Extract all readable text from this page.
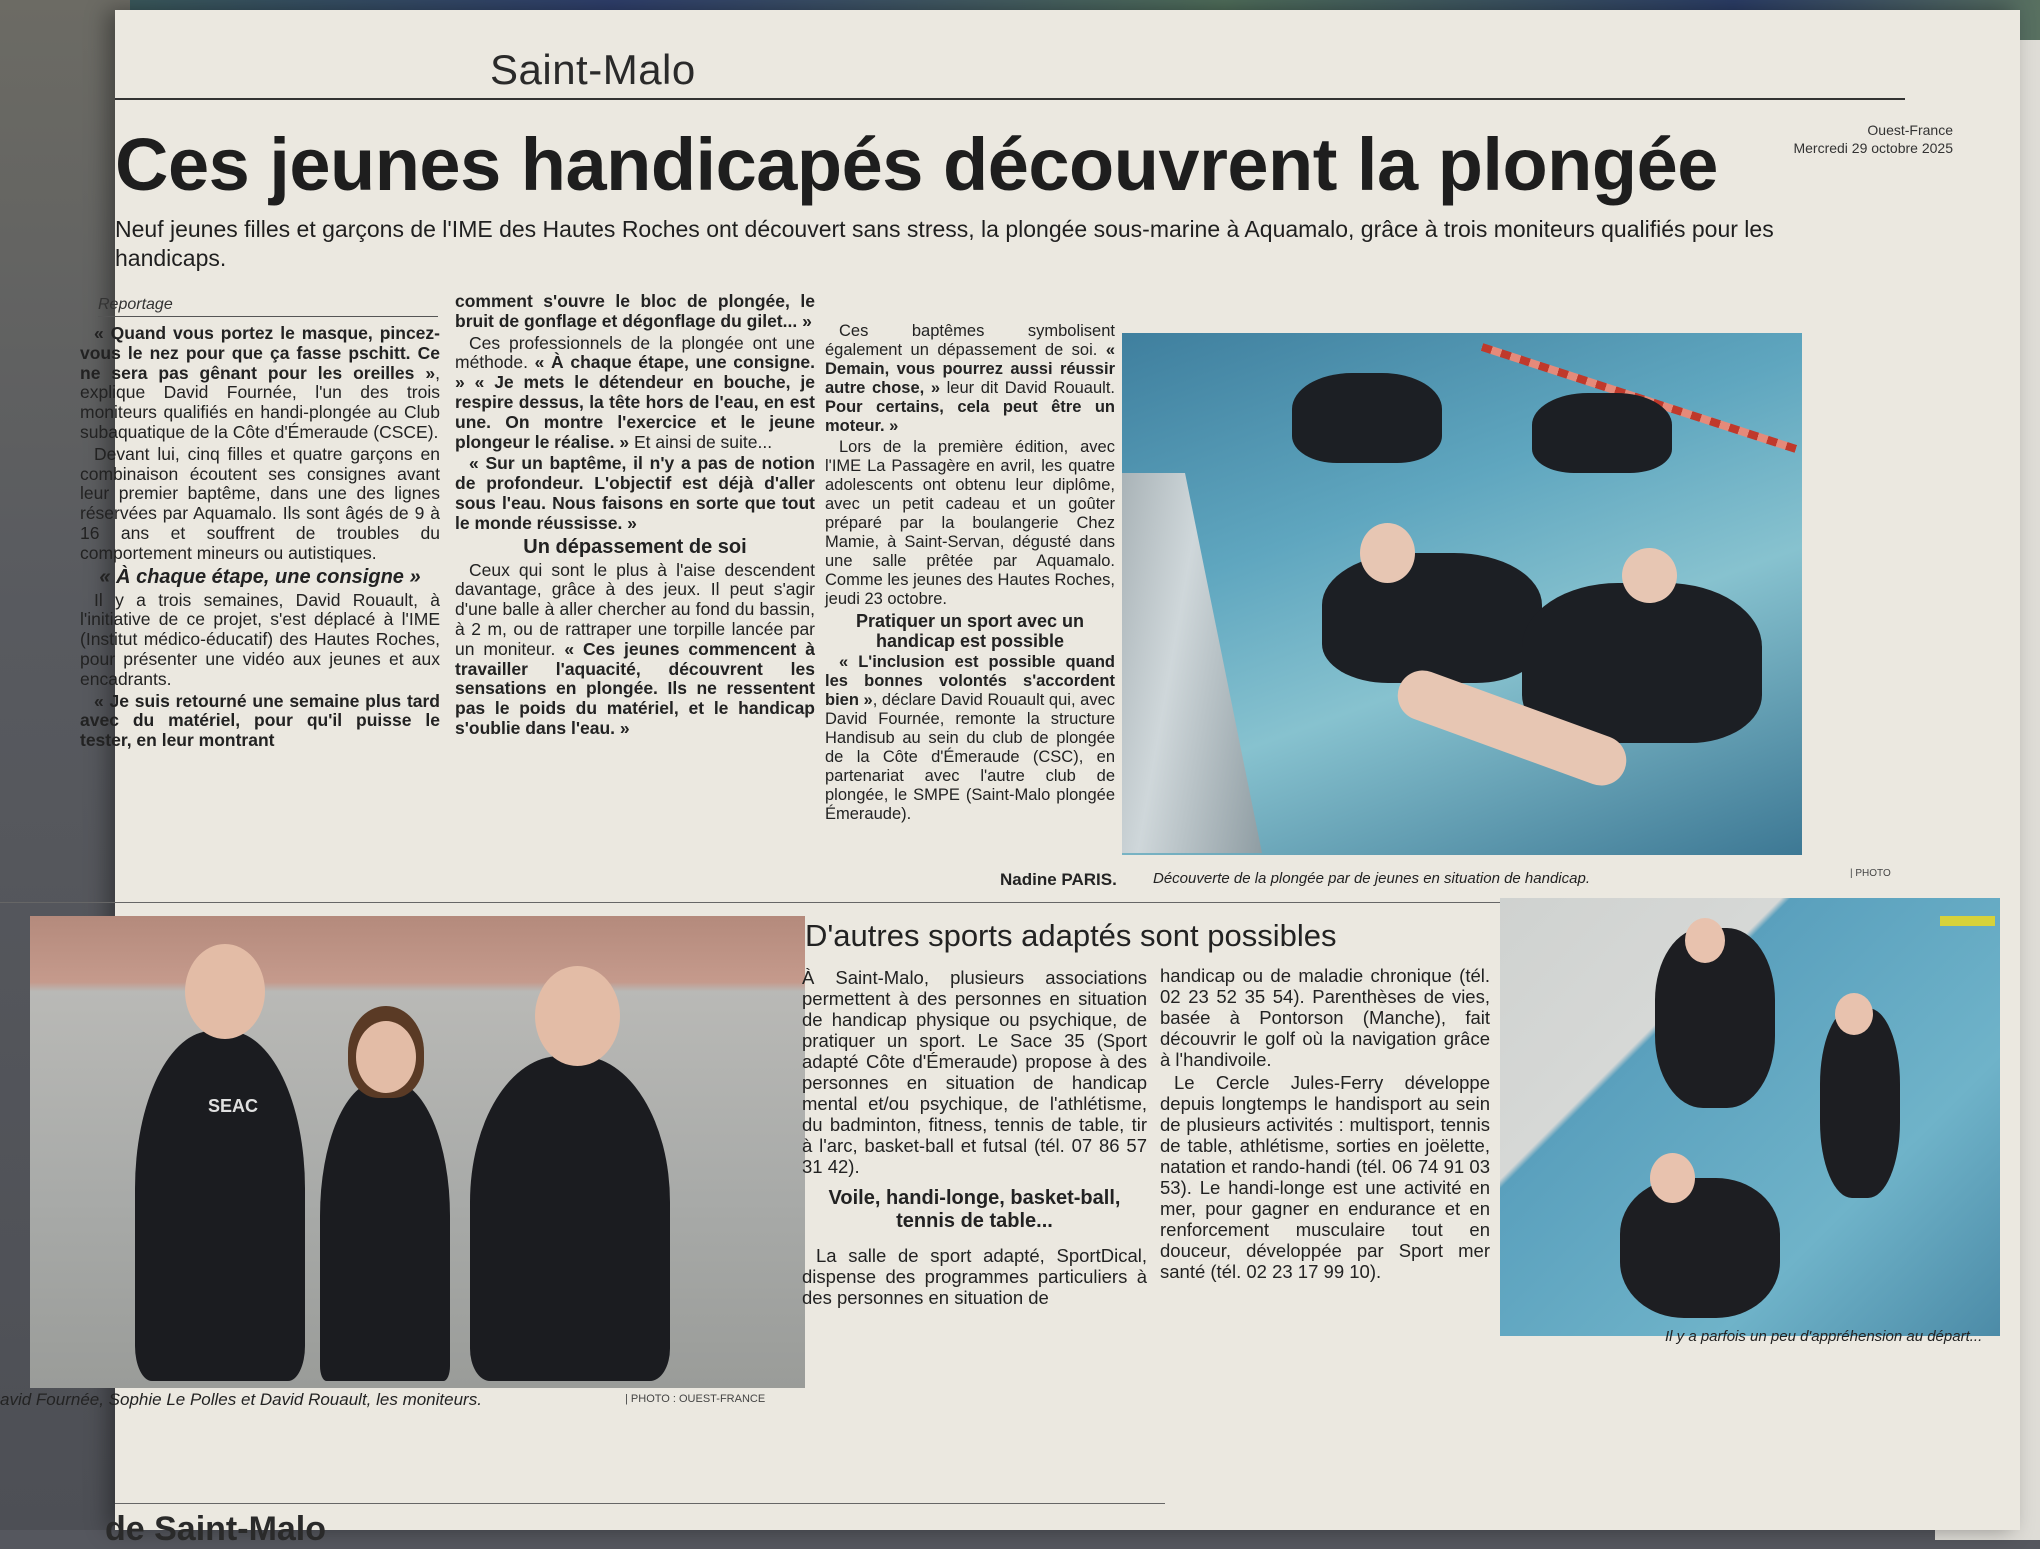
Saint-Malo
Ouest-France
Mercredi 29 octobre 2025
Ces jeunes handicapés découvrent la plongée
Neuf jeunes filles et garçons de l'IME des Hautes Roches ont découvert sans stress, la plongée sous-marine à Aquamalo, grâce à trois moniteurs qualifiés pour les handicaps.
Reportage

« Quand vous portez le masque, pincez-vous le nez pour que ça fasse pschitt. Ce ne sera pas gênant pour les oreilles », explique David Fournée, l'un des trois moniteurs qualifiés en handi-plongée au Club subaquatique de la Côte d'Émeraude (CSCE).

Devant lui, cinq filles et quatre garçons en combinaison écoutent ses consignes avant leur premier baptême, dans une des lignes réservées par Aquamalo. Ils sont âgés de 9 à 16 ans et souffrent de troubles du comportement mineurs ou autistiques.

« À chaque étape, une consigne »

Il y a trois semaines, David Rouault, à l'initiative de ce projet, s'est déplacé à l'IME (Institut médico-éducatif) des Hautes Roches, pour présenter une vidéo aux jeunes et aux encadrants.

« Je suis retourné une semaine plus tard avec du matériel, pour qu'il puisse le tester, en leur montrant

comment s'ouvre le bloc de plongée, le bruit de gonflage et dégonflage du gilet... »

Ces professionnels de la plongée ont une méthode. « À chaque étape, une consigne. » « Je mets le détendeur en bouche, je respire dessus, la tête hors de l'eau, en est une. On montre l'exercice et le jeune plongeur le réalise. » Et ainsi de suite...

« Sur un baptême, il n'y a pas de notion de profondeur. L'objectif est déjà d'aller sous l'eau. Nous faisons en sorte que tout le monde réussisse. »

Un dépassement de soi

Ceux qui sont le plus à l'aise descendent davantage, grâce à des jeux. Il peut s'agir d'une balle à aller chercher au fond du bassin, à 2 m, ou de rattraper une torpille lancée par un moniteur. « Ces jeunes commencent à travailler l'aquacité, découvrent les sensations en plongée. Ils ne ressentent pas le poids du matériel, et le handicap s'oublie dans l'eau. »

Ces baptêmes symbolisent également un dépassement de soi. « Demain, vous pourrez aussi réussir autre chose, » leur dit David Rouault. Pour certains, cela peut être un moteur. »

Lors de la première édition, avec l'IME La Passagère en avril, les quatre adolescents ont obtenu leur diplôme, avec un petit cadeau et un goûter préparé par la boulangerie Chez Mamie, à Saint-Servan, dégusté dans une salle prêtée par Aquamalo. Comme les jeunes des Hautes Roches, jeudi 23 octobre.

Pratiquer un sport avec un handicap est possible

« L'inclusion est possible quand les bonnes volontés s'accordent bien », déclare David Rouault qui, avec David Fournée, remonte la structure Handisub au sein du club de plongée de la Côte d'Émeraude (CSC), en partenariat avec l'autre club de plongée, le SMPE (Saint-Malo plongée Émeraude).

Nadine PARIS. Découverte de la plongée par de jeunes en situation de handicap.	| PHOTO
SEAC
avid Fournée, Sophie Le Polles et David Rouault, les moniteurs.	| PHOTO : OUEST-FRANCE
D'autres sports adaptés sont possibles

À Saint-Malo, plusieurs associations permettent à des personnes en situation de handicap physique ou psychique, de pratiquer un sport. Le Sace 35 (Sport adapté Côte d'Émeraude) propose à des personnes en situation de handicap mental et/ou psychique, de l'athlétisme, du badminton, fitness, tennis de table, tir à l'arc, basket-ball et futsal (tél. 07 86 57 31 42).

Voile, handi-longe, basket-ball, tennis de table...

La salle de sport adapté, SportDical, dispense des programmes particuliers à des personnes en situation de

handicap ou de maladie chronique (tél. 02 23 52 35 54). Parenthèses de vies, basée à Pontorson (Manche), fait découvrir le golf où la navigation grâce à l'handivoile.

Le Cercle Jules-Ferry développe depuis longtemps le handisport au sein de plusieurs activités : multisport, tennis de table, athlétisme, sorties en joëlette, natation et rando-handi (tél. 06 74 91 03 53). Le handi-longe est une activité en mer, pour gagner en endurance et en renforcement musculaire tout en douceur, développée par Sport mer santé (tél. 02 23 17 99 10).

Il y a parfois un peu d'appréhension au départ...
de Saint-Malo
